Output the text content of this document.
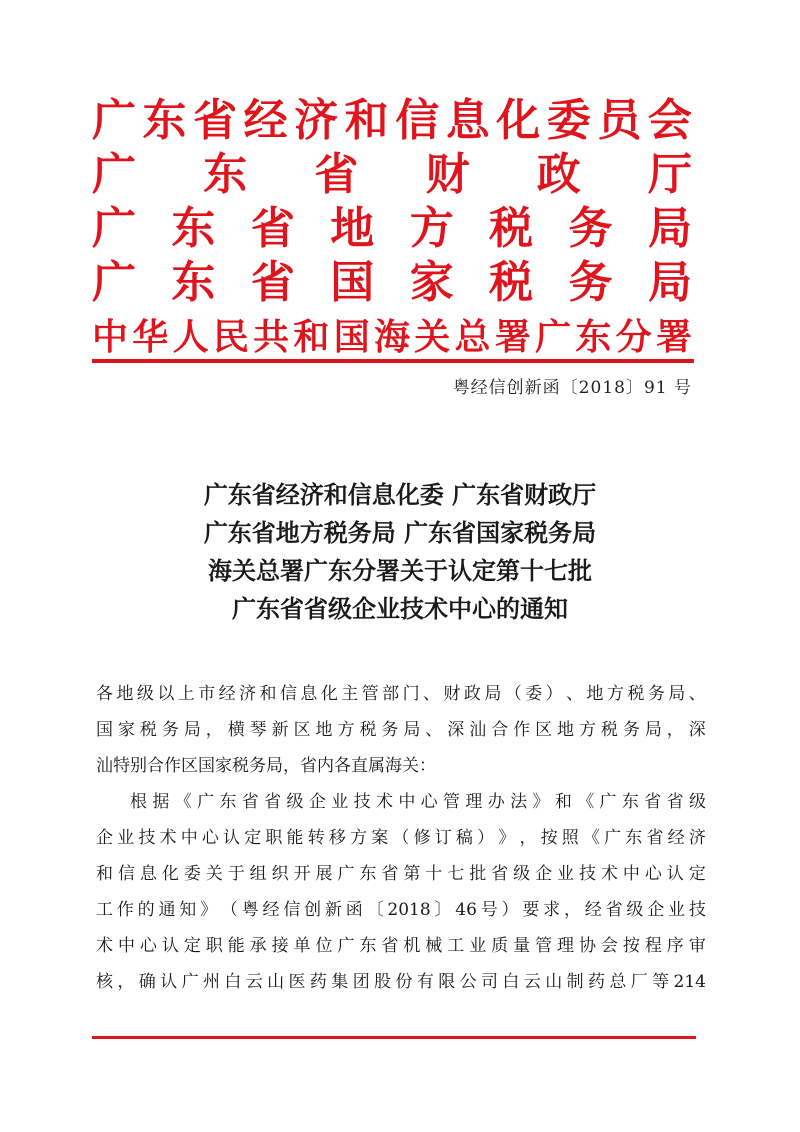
广 东 省 经 济 和 信 息 化 委 员 会
广 东 省 财 政 厅
广 东 省 地 方 税 务 局
广 东 省 国 家 税 务 局
中 华 人 民 共 和 国 海 关 总 署 广 东 分 署
粤经信创新函〔2018〕91 号
广东省经济和信息化委 广东省财政厅
广东省地方税务局 广东省国家税务局
海关总署广东分署关于认定第十七批
广东省省级企业技术中心的通知
各 地 级 以 上 市 经 济 和 信 息 化 主 管 部 门 、 财 政 局 （ 委 ） 、 地 方 税 务 局 、
国 家 税 务 局 ， 横 琴 新 区 地 方 税 务 局 、 深 汕 合 作 区 地 方 税 务 局 ， 深
汕特别合作区国家税务局，省内各直属海关：
根 据 《 广 东 省 省 级 企 业 技 术 中 心 管 理 办 法 》 和 《 广 东 省 省 级
企 业 技 术 中 心 认 定 职 能 转 移 方 案 （ 修 订 稿 ） 》 ， 按 照 《 广 东 省 经 济
和 信 息 化 委 关 于 组 织 开 展 广 东 省 第 十 七 批 省 级 企 业 技 术 中 心 认 定
工 作 的 通 知 》 （ 粤 经 信 创 新 函 〔 2018 〕 46 号 ） 要 求 ， 经 省 级 企 业 技
术 中 心 认 定 职 能 承 接 单 位 广 东 省 机 械 工 业 质 量 管 理 协 会 按 程 序 审
核 ， 确 认 广 州 白 云 山 医 药 集 团 股 份 有 限 公 司 白 云 山 制 药 总 厂 等 214
